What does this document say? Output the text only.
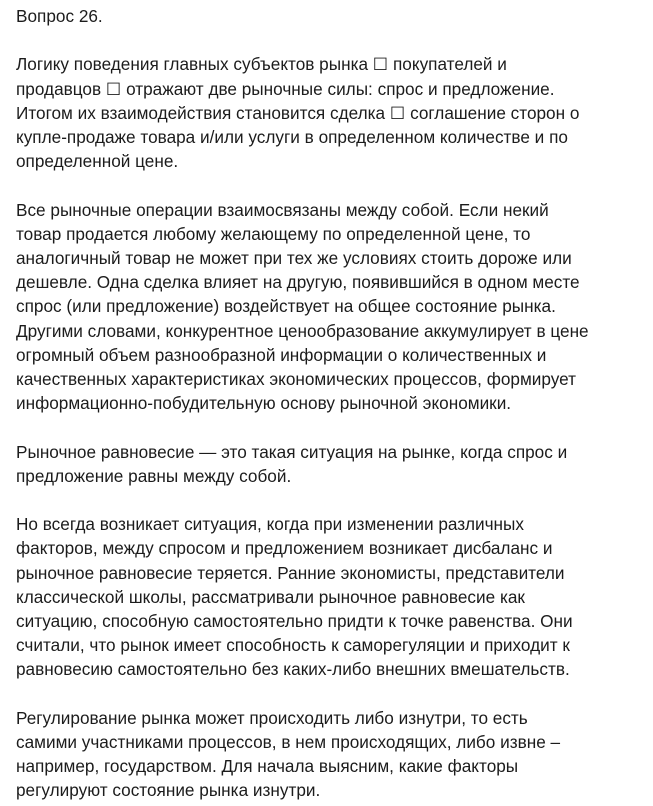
Вопрос 26.

Логику поведения главных субъектов рынка ☐ покупателей и
продавцов ☐ отражают две рыночные силы: спрос и предложение.
Итогом их взаимодействия становится сделка ☐ соглашение сторон о
купле-продаже товара и/или услуги в определенном количестве и по
определенной цене.

Все рыночные операции взаимосвязаны между собой. Если некий
товар продается любому желающему по определенной цене, то
аналогичный товар не может при тех же условиях стоить дороже или
дешевле. Одна сделка влияет на другую, появившийся в одном месте
спрос (или предложение) воздействует на общее состояние рынка.
Другими словами, конкурентное ценообразование аккумулирует в цене
огромный объем разнообразной информации о количественных и
качественных характеристиках экономических процессов, формирует
информационно-побудительную основу рыночной экономики.

Рыночное равновесие — это такая ситуация на рынке, когда спрос и
предложение равны между собой.

Но всегда возникает ситуация, когда при изменении различных
факторов, между спросом и предложением возникает дисбаланс и
рыночное равновесие теряется. Ранние экономисты, представители
классической школы, рассматривали рыночное равновесие как
ситуацию, способную самостоятельно придти к точке равенства. Они
считали, что рынок имеет способность к саморегуляции и приходит к
равновесию самостоятельно без каких-либо внешних вмешательств.

Регулирование рынка может происходить либо изнутри, то есть
самими участниками процессов, в нем происходящих, либо извне –
например, государством. Для начала выясним, какие факторы
регулируют состояние рынка изнутри.
